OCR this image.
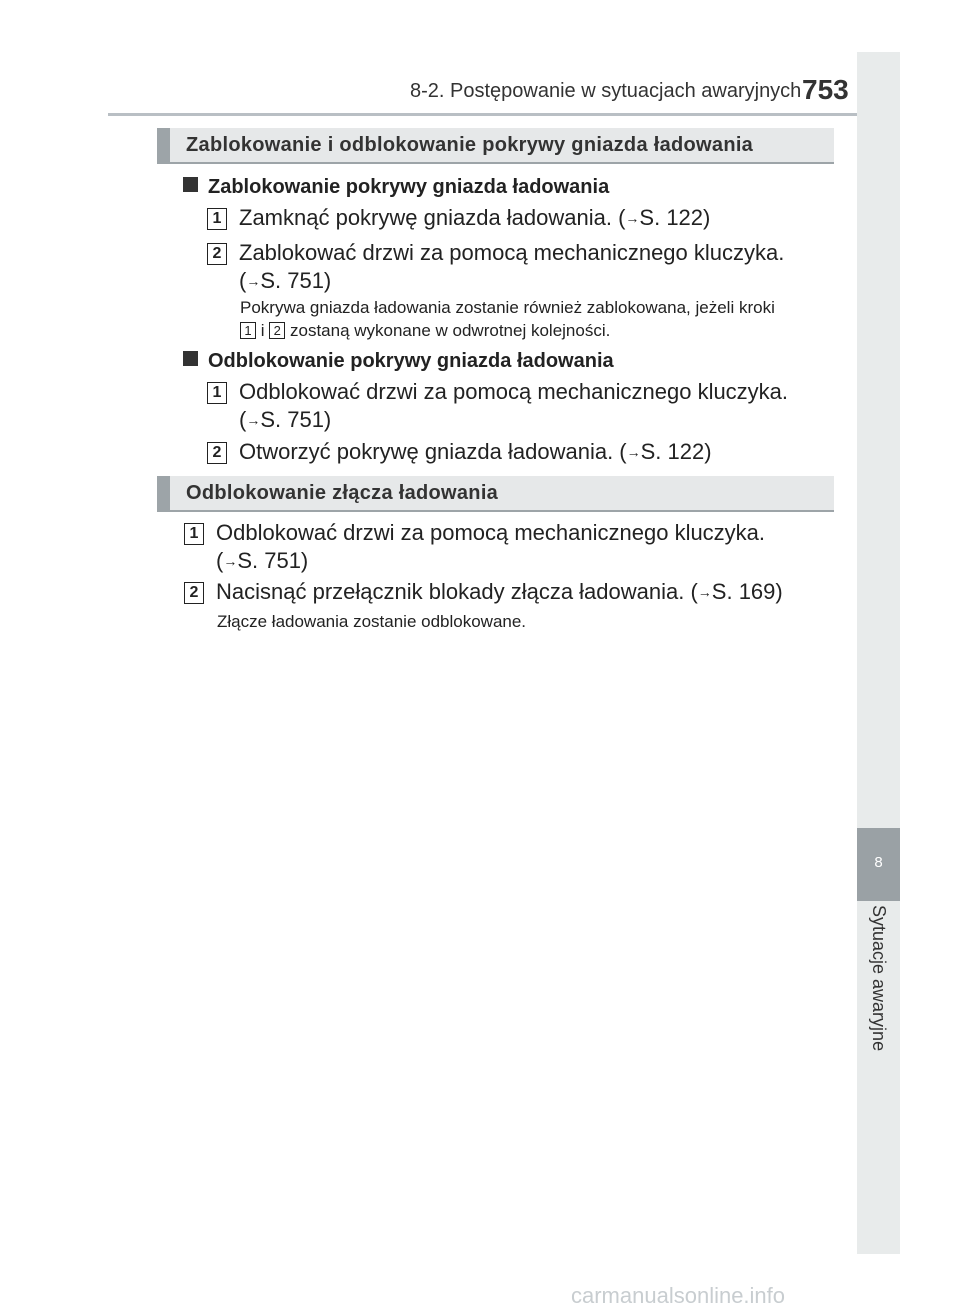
8-2. Postępowanie w sytuacjach awaryjnych 753
8
Sytuacje awaryjne
Zablokowanie i odblokowanie pokrywy gniazda ładowania
Zablokowanie pokrywy gniazda ładowania
1 Zamknąć pokrywę gniazda ładowania. (→S. 122)
2 Zablokować drzwi za pomocą mechanicznego kluczyka.
(→S. 751)
Pokrywa gniazda ładowania zostanie również zablokowana, jeżeli kroki
1 i 2 zostaną wykonane w odwrotnej kolejności.
Odblokowanie pokrywy gniazda ładowania
1 Odblokować drzwi za pomocą mechanicznego kluczyka.
(→S. 751)
2 Otworzyć pokrywę gniazda ładowania. (→S. 122)
Odblokowanie złącza ładowania
1 Odblokować drzwi za pomocą mechanicznego kluczyka.
(→S. 751)
2 Nacisnąć przełącznik blokady złącza ładowania. (→S. 169)
Złącze ładowania zostanie odblokowane.
carmanualsonline.info
